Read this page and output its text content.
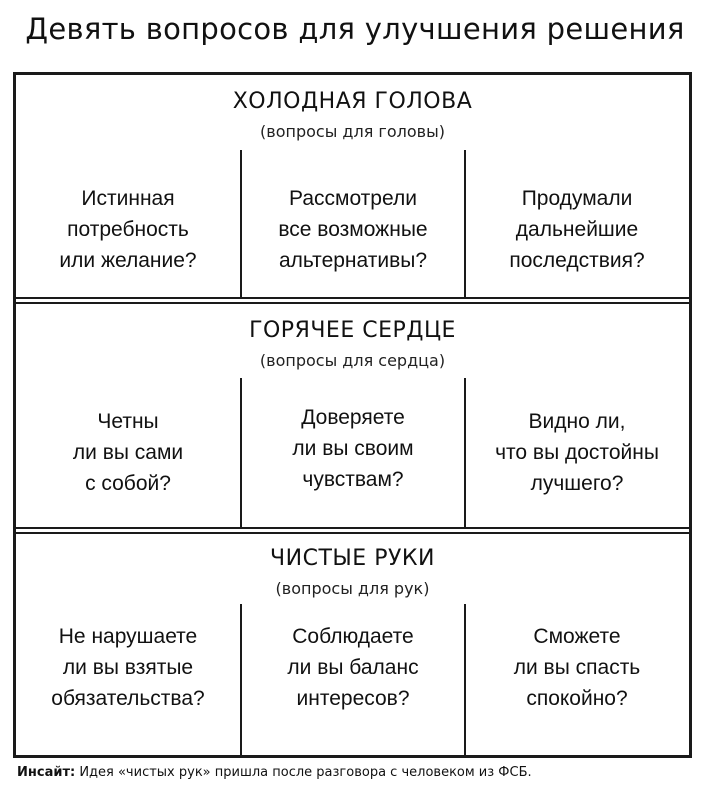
Девять вопросов для улучшения решения
ХОЛОДНАЯ ГОЛОВА
(вопросы для головы)
Истинная
потребность
или желание?
Рассмотрели
все возможные
альтернативы?
Продумали
дальнейшие
последствия?
ГОРЯЧЕЕ СЕРДЦЕ
(вопросы для сердца)
Четны
ли вы сами
с собой?
Доверяете
ли вы своим
чувствам?
Видно ли,
что вы достойны
лучшего?
ЧИСТЫЕ РУКИ
(вопросы для рук)
Не нарушаете
ли вы взятые
обязательства?
Соблюдаете
ли вы баланс
интересов?
Сможете
ли вы спасть
спокойно?
Инсайт: Идея «чистых рук» пришла после разговора с человеком из ФСБ.
